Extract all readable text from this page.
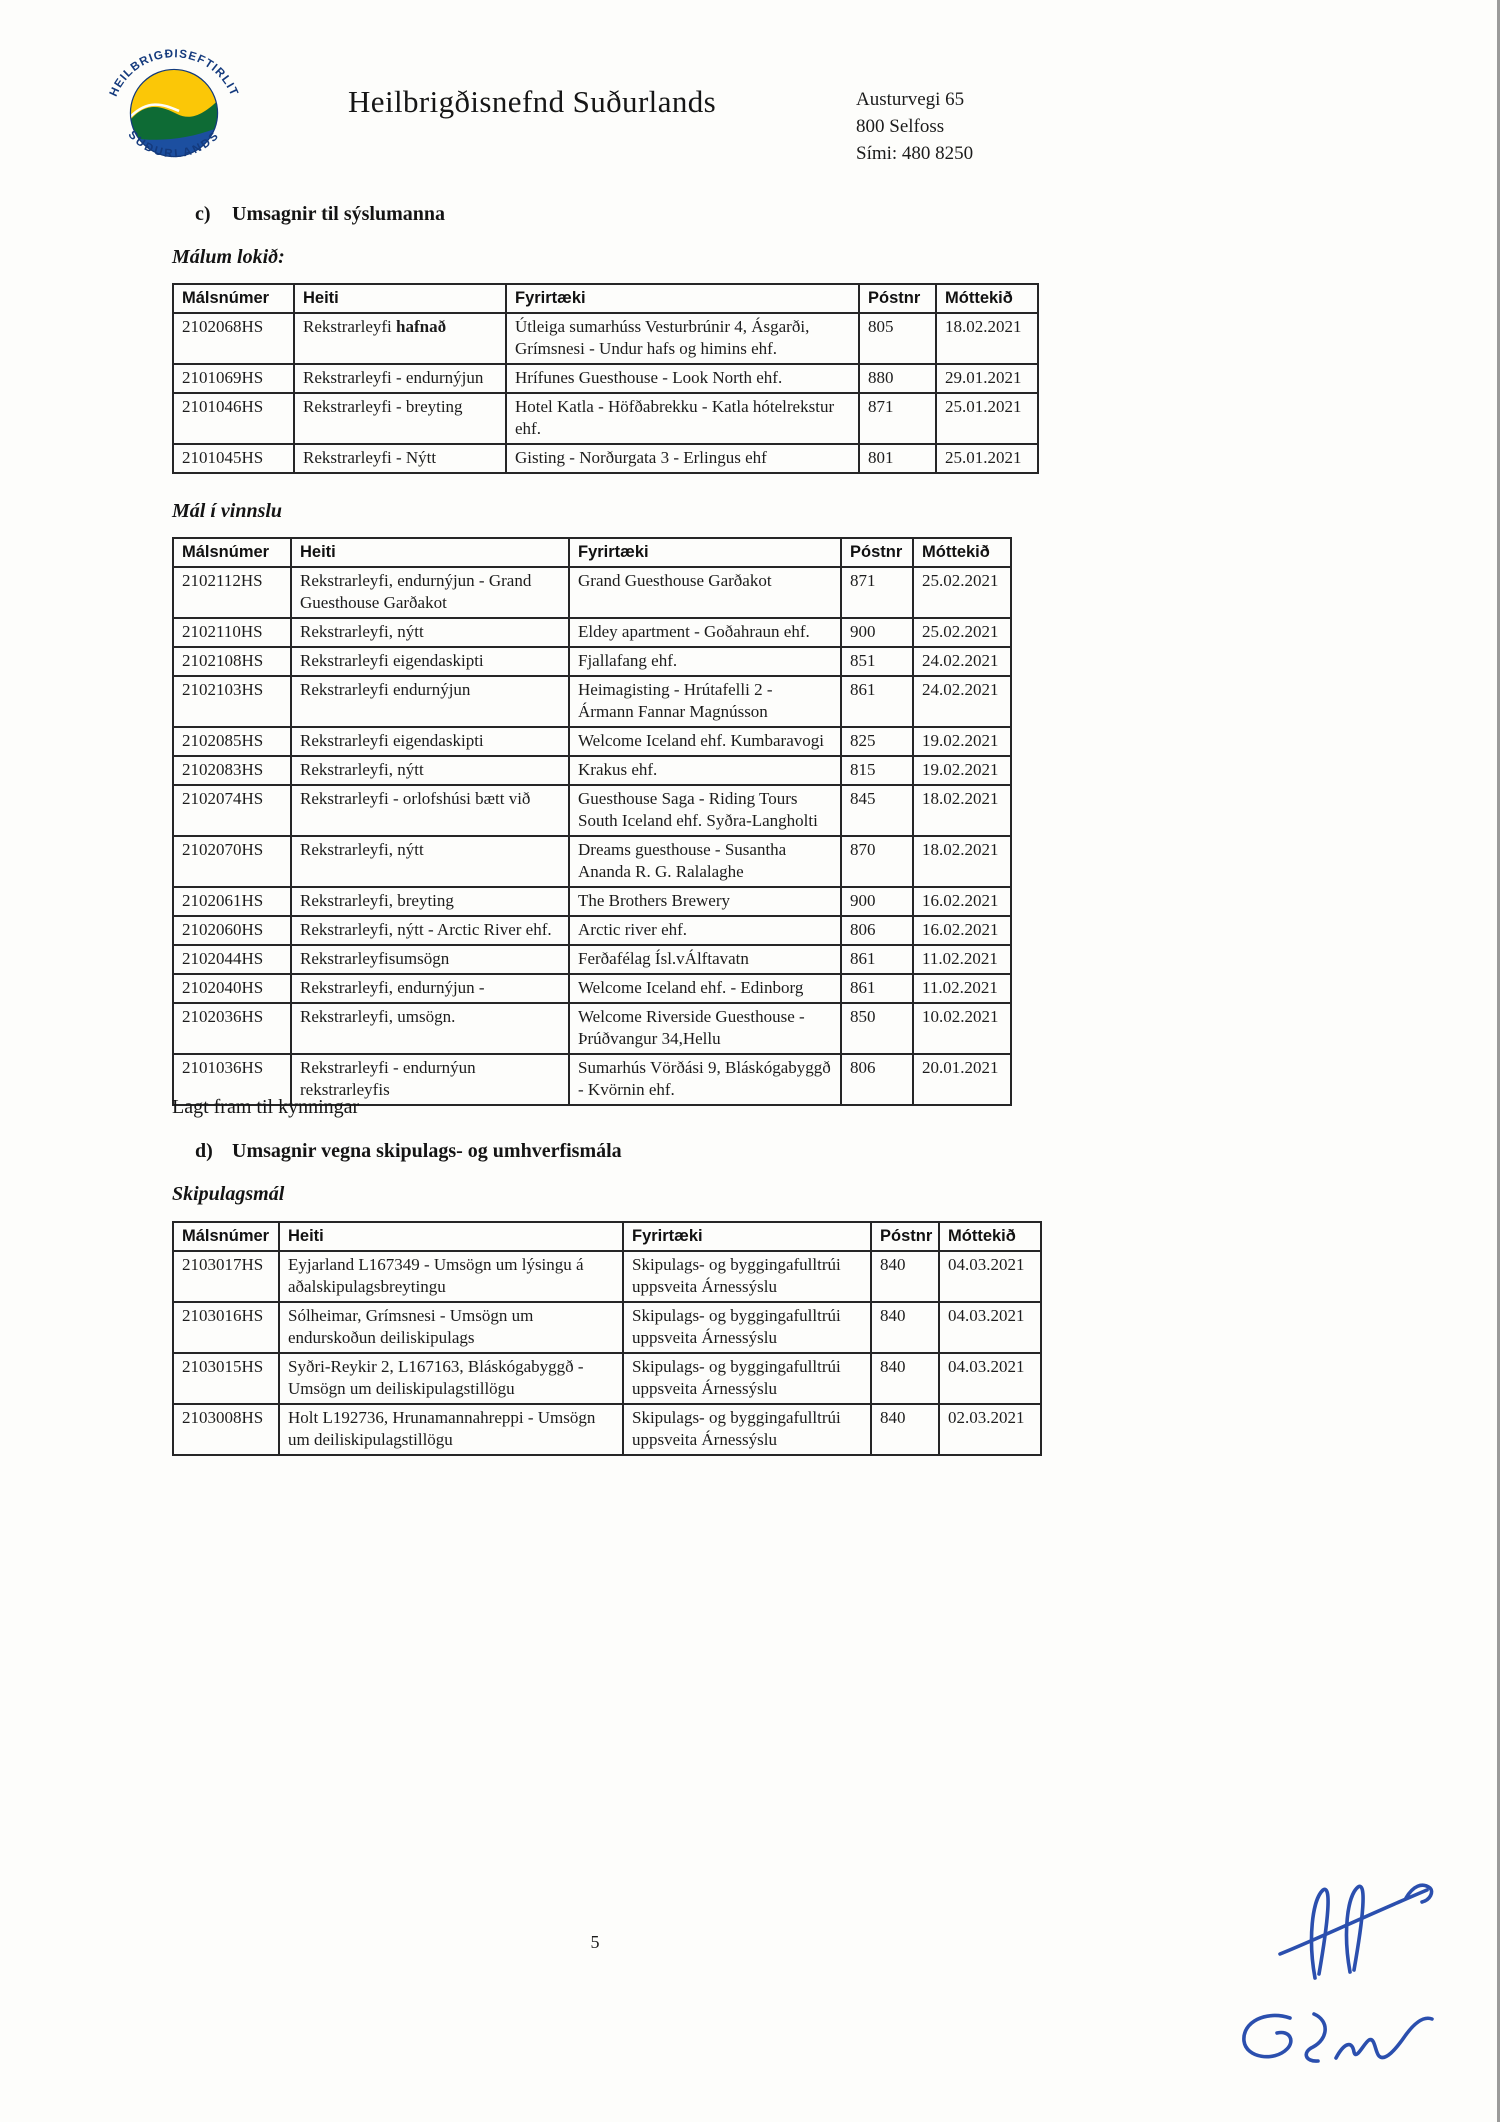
HEILBRIGÐISEFTIRLIT
SUÐURLANDS
Heilbrigðisnefnd Suðurlands	Austurvegi 65
800 Selfoss
Sími: 480 8250
c) Umsagnir til sýslumanna
Málum lokið:
Málsnúmer	Heiti	Fyrirtæki	Póstnr	Móttekið
2102068HS	Rekstrarleyfi hafnað	Útleiga sumarhúss Vesturbrúnir 4, Ásgarði, Grímsnesi - Undur hafs og himins ehf.	805	18.02.2021
2101069HS	Rekstrarleyfi - endurnýjun	Hrífunes Guesthouse - Look North ehf.	880	29.01.2021
2101046HS	Rekstrarleyfi - breyting	Hotel Katla - Höfðabrekku - Katla hótelrekstur ehf.	871	25.01.2021
2101045HS	Rekstrarleyfi - Nýtt	Gisting - Norðurgata 3 - Erlingus ehf	801	25.01.2021
Mál í vinnslu
Málsnúmer	Heiti	Fyrirtæki	Póstnr	Móttekið
2102112HS	Rekstrarleyfi, endurnýjun - Grand Guesthouse Garðakot	Grand Guesthouse Garðakot	871	25.02.2021
2102110HS	Rekstrarleyfi, nýtt	Eldey apartment - Goðahraun ehf.	900	25.02.2021
2102108HS	Rekstrarleyfi eigendaskipti	Fjallafang ehf.	851	24.02.2021
2102103HS	Rekstrarleyfi endurnýjun	Heimagisting - Hrútafelli 2 - Ármann Fannar Magnússon	861	24.02.2021
2102085HS	Rekstrarleyfi eigendaskipti	Welcome Iceland ehf. Kumbaravogi	825	19.02.2021
2102083HS	Rekstrarleyfi, nýtt	Krakus ehf.	815	19.02.2021
2102074HS	Rekstrarleyfi - orlofshúsi bætt við	Guesthouse Saga - Riding Tours South Iceland ehf. Syðra-Langholti	845	18.02.2021
2102070HS	Rekstrarleyfi, nýtt	Dreams guesthouse - Susantha Ananda R. G. Ralalaghe	870	18.02.2021
2102061HS	Rekstrarleyfi, breyting	The Brothers Brewery	900	16.02.2021
2102060HS	Rekstrarleyfi, nýtt - Arctic River ehf.	Arctic river ehf.	806	16.02.2021
2102044HS	Rekstrarleyfisumsögn	Ferðafélag Ísl.vÁlftavatn	861	11.02.2021
2102040HS	Rekstrarleyfi, endurnýjun -	Welcome Iceland ehf. - Edinborg	861	11.02.2021
2102036HS	Rekstrarleyfi, umsögn.	Welcome Riverside Guesthouse - Þrúðvangur 34,Hellu	850	10.02.2021
2101036HS	Rekstrarleyfi - endurnýun rekstrarleyfis	Sumarhús Vörðási 9, Bláskógabyggð - Kvörnin ehf.	806	20.01.2021
Lagt fram til kynningar
d) Umsagnir vegna skipulags- og umhverfismála
Skipulagsmál
Málsnúmer	Heiti	Fyrirtæki	Póstnr	Móttekið
2103017HS	Eyjarland L167349 - Umsögn um lýsingu á aðalskipulagsbreytingu	Skipulags- og byggingafulltrúi uppsveita Árnessýslu	840	04.03.2021
2103016HS	Sólheimar, Grímsnesi - Umsögn um endurskoðun deiliskipulags	Skipulags- og byggingafulltrúi uppsveita Árnessýslu	840	04.03.2021
2103015HS	Syðri-Reykir 2, L167163, Bláskógabyggð - Umsögn um deiliskipulagstillögu	Skipulags- og byggingafulltrúi uppsveita Árnessýslu	840	04.03.2021
2103008HS	Holt L192736, Hrunamannahreppi - Umsögn um deiliskipulagstillögu	Skipulags- og byggingafulltrúi uppsveita Árnessýslu	840	02.03.2021
5
